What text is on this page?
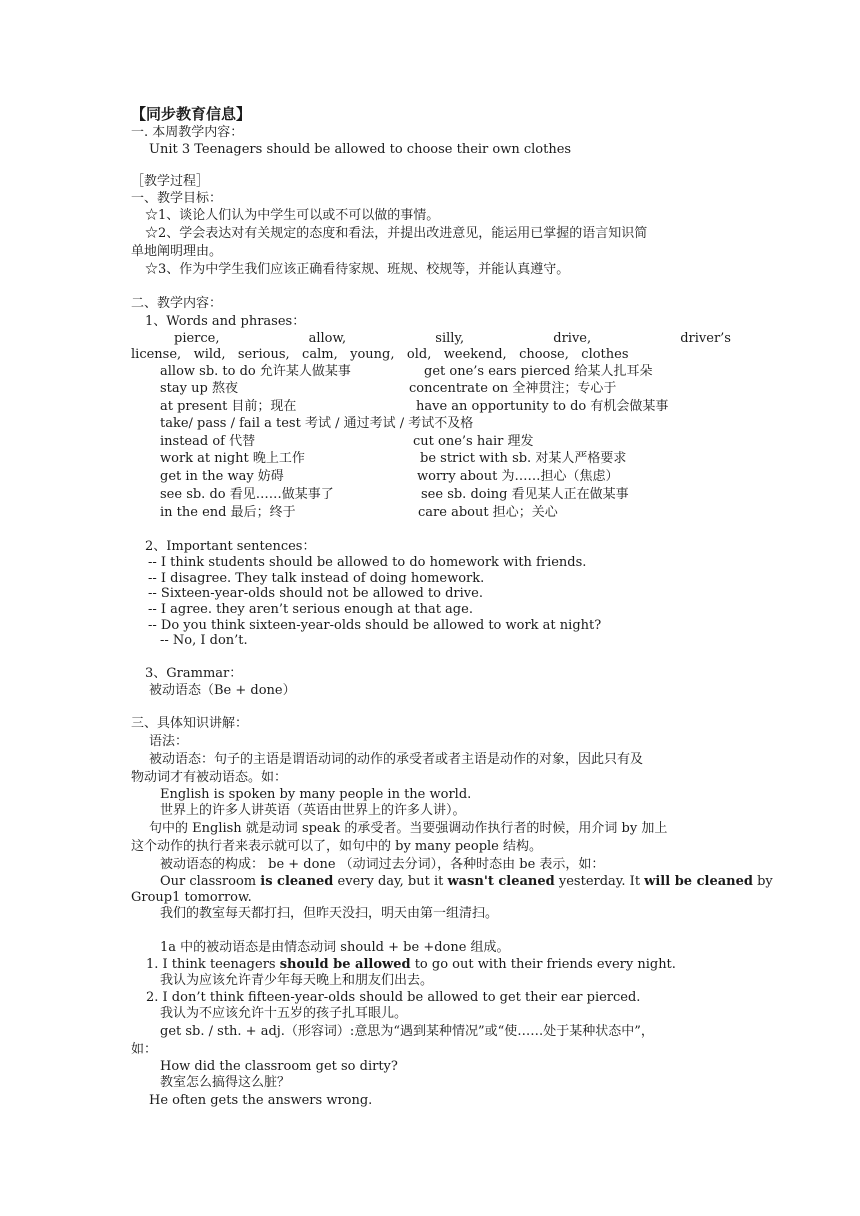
【同步教育信息】
一. 本周教学内容：
Unit 3 Teenagers should be allowed to choose their own clothes
［教学过程］
一、教学目标：
☆1、谈论人们认为中学生可以或不可以做的事情。
☆2、学会表达对有关规定的态度和看法，并提出改进意见，能运用已掌握的语言知识简
单地阐明理由。
☆3、作为中学生我们应该正确看待家规、班规、校规等，并能认真遵守。
二、教学内容：
1、Words and phrases：
pierce,	allow,	silly,	drive,	driver’s
license, wild, serious, calm, young, old, weekend, choose, clothes
allow sb. to do 允许某人做某事	get one’s ears pierced 给某人扎耳朵
stay up 熬夜	concentrate on 全神贯注；专心于
at present 目前；现在	have an opportunity to do 有机会做某事
take/ pass / fail a test 考试 / 通过考试 / 考试不及格
instead of 代替	cut one’s hair 理发
work at night 晚上工作	be strict with sb. 对某人严格要求
get in the way 妨碍	worry about 为……担心（焦虑）
see sb. do 看见……做某事了	see sb. doing 看见某人正在做某事
in the end 最后；终于	care about 担心；关心
2、Important sentences：
-- I think students should be allowed to do homework with friends.
-- I disagree. They talk instead of doing homework.
-- Sixteen-year-olds should not be allowed to drive.
-- I agree. they aren’t serious enough at that age.
-- Do you think sixteen-year-olds should be allowed to work at night?
-- No, I don’t.
3、Grammar：
被动语态（Be + done）
三、具体知识讲解：
语法：
被动语态：句子的主语是谓语动词的动作的承受者或者主语是动作的对象，因此只有及
物动词才有被动语态。如：
English is spoken by many people in the world.
世界上的许多人讲英语（英语由世界上的许多人讲）。
句中的 English 就是动词 speak 的承受者。当要强调动作执行者的时候，用介词 by 加上
这个动作的执行者来表示就可以了，如句中的 by many people 结构。
被动语态的构成： be + done （动词过去分词），各种时态由 be 表示，如：
Our classroom is cleaned every day, but it wasn't cleaned yesterday. It will be cleaned by
Group1 tomorrow.
我们的教室每天都打扫，但昨天没扫，明天由第一组清扫。
1a 中的被动语态是由情态动词 should + be +done 组成。
1. I think teenagers should be allowed to go out with their friends every night.
我认为应该允许青少年每天晚上和朋友们出去。
2. I don’t think fifteen-year-olds should be allowed to get their ear pierced.
我认为不应该允许十五岁的孩子扎耳眼儿。
get sb. / sth. + adj.（形容词）:意思为“遇到某种情况”或“使……处于某种状态中”，
如：
How did the classroom get so dirty?
教室怎么搞得这么脏？
He often gets the answers wrong.
